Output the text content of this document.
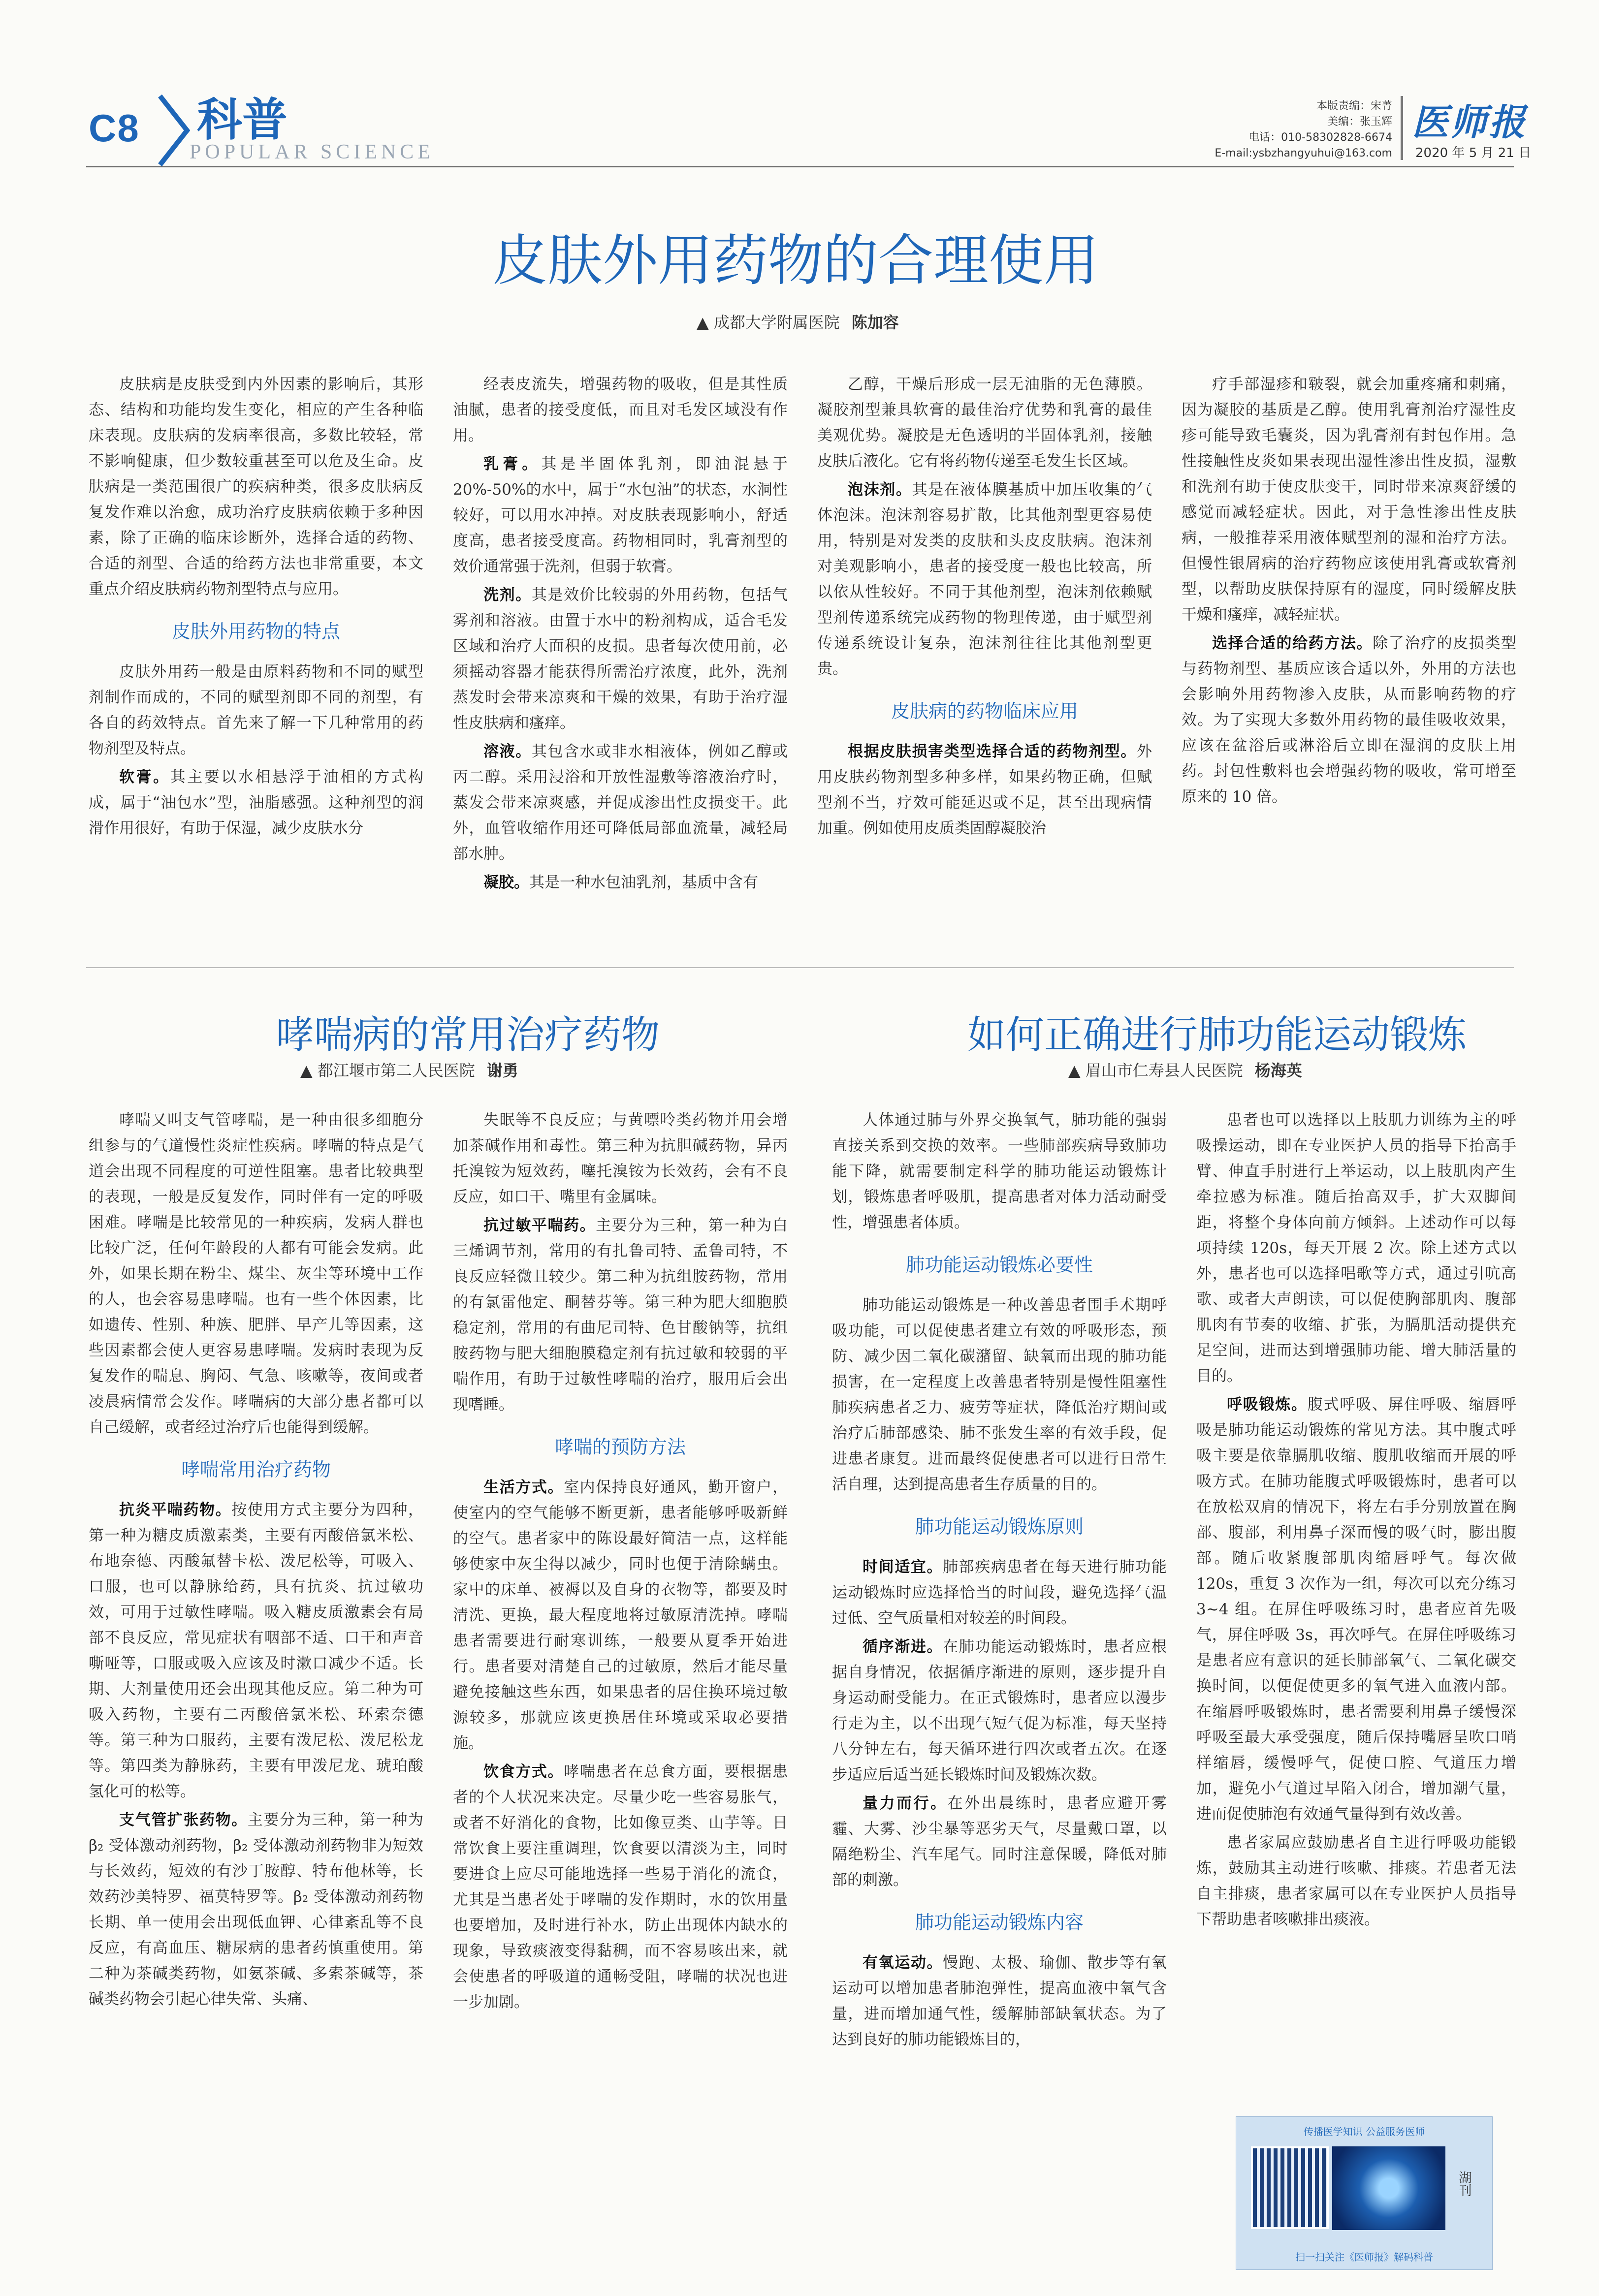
C8 科普
POPULAR SCIENCE
本版责编：宋菁
美编：张玉辉
电话：010-58302828-6674
E-mail:ysbzhangyuhui@163.com
医师报
2020 年 5 月 21 日
皮肤外用药物的合理使用
▲ 成都大学附属医院 陈加容

皮肤病是皮肤受到内外因素的影响后，其形态、结构和功能均发生变化，相应的产生各种临床表现。皮肤病的发病率很高，多数比较轻，常不影响健康，但少数较重甚至可以危及生命。皮肤病是一类范围很广的疾病种类，很多皮肤病反复发作难以治愈，成功治疗皮肤病依赖于多种因素，除了正确的临床诊断外，选择合适的药物、合适的剂型、合适的给药方法也非常重要，本文重点介绍皮肤病药物剂型特点与应用。

皮肤外用药物的特点

皮肤外用药一般是由原料药物和不同的赋型剂制作而成的，不同的赋型剂即不同的剂型，有各自的药效特点。首先来了解一下几种常用的药物剂型及特点。

软膏。其主要以水相悬浮于油相的方式构成，属于“油包水”型，油脂感强。这种剂型的润滑作用很好，有助于保湿，减少皮肤水分

经表皮流失，增强药物的吸收，但是其性质油腻，患者的接受度低，而且对毛发区域没有作用。

乳膏。其是半固体乳剂，即油混悬于20%-50%的水中，属于“水包油”的状态，水洞性较好，可以用水冲掉。对皮肤表现影响小，舒适度高，患者接受度高。药物相同时，乳膏剂型的效价通常强于洗剂，但弱于软膏。

洗剂。其是效价比较弱的外用药物，包括气雾剂和溶液。由置于水中的粉剂构成，适合毛发区域和治疗大面积的皮损。患者每次使用前，必须摇动容器才能获得所需治疗浓度，此外，洗剂蒸发时会带来凉爽和干燥的效果，有助于治疗湿性皮肤病和瘙痒。

溶液。其包含水或非水相液体，例如乙醇或丙二醇。采用浸浴和开放性湿敷等溶液治疗时，蒸发会带来凉爽感，并促成渗出性皮损变干。此外，血管收缩作用还可降低局部血流量，减轻局部水肿。

凝胶。其是一种水包油乳剂，基质中含有

乙醇，干燥后形成一层无油脂的无色薄膜。凝胶剂型兼具软膏的最佳治疗优势和乳膏的最佳美观优势。凝胶是无色透明的半固体乳剂，接触皮肤后液化。它有将药物传递至毛发生长区域。

泡沫剂。其是在液体膜基质中加压收集的气体泡沫。泡沫剂容易扩散，比其他剂型更容易使用，特别是对发类的皮肤和头皮皮肤病。泡沫剂对美观影响小，患者的接受度一般也比较高，所以依从性较好。不同于其他剂型，泡沫剂依赖赋型剂传递系统完成药物的物理传递，由于赋型剂传递系统设计复杂，泡沫剂往往比其他剂型更贵。

皮肤病的药物临床应用

根据皮肤损害类型选择合适的药物剂型。外用皮肤药物剂型多种多样，如果药物正确，但赋型剂不当，疗效可能延迟或不足，甚至出现病情加重。例如使用皮质类固醇凝胶治

疗手部湿疹和皲裂，就会加重疼痛和刺痛，因为凝胶的基质是乙醇。使用乳膏剂治疗湿性皮疹可能导致毛囊炎，因为乳膏剂有封包作用。急性接触性皮炎如果表现出湿性渗出性皮损，湿敷和洗剂有助于使皮肤变干，同时带来凉爽舒缓的感觉而减轻症状。因此，对于急性渗出性皮肤病，一般推荐采用液体赋型剂的湿和治疗方法。但慢性银屑病的治疗药物应该使用乳膏或软膏剂型，以帮助皮肤保持原有的湿度，同时缓解皮肤干燥和瘙痒，减轻症状。

选择合适的给药方法。除了治疗的皮损类型与药物剂型、基质应该合适以外，外用的方法也会影响外用药物渗入皮肤，从而影响药物的疗效。为了实现大多数外用药物的最佳吸收效果，应该在盆浴后或淋浴后立即在湿润的皮肤上用药。封包性敷料也会增强药物的吸收，常可增至原来的 10 倍。

哮喘病的常用治疗药物
▲ 都江堰市第二人民医院 谢勇

哮喘又叫支气管哮喘，是一种由很多细胞分组参与的气道慢性炎症性疾病。哮喘的特点是气道会出现不同程度的可逆性阻塞。患者比较典型的表现，一般是反复发作，同时伴有一定的呼吸困难。哮喘是比较常见的一种疾病，发病人群也比较广泛，任何年龄段的人都有可能会发病。此外，如果长期在粉尘、煤尘、灰尘等环境中工作的人，也会容易患哮喘。也有一些个体因素，比如遗传、性别、种族、肥胖、早产儿等因素，这些因素都会使人更容易患哮喘。发病时表现为反复发作的喘息、胸闷、气急、咳嗽等，夜间或者凌晨病情常会发作。哮喘病的大部分患者都可以自己缓解，或者经过治疗后也能得到缓解。

哮喘常用治疗药物

抗炎平喘药物。按使用方式主要分为四种，第一种为糖皮质激素类，主要有丙酸倍氯米松、布地奈德、丙酸氟替卡松、泼尼松等，可吸入、口服，也可以静脉给药，具有抗炎、抗过敏功效，可用于过敏性哮喘。吸入糖皮质激素会有局部不良反应，常见症状有咽部不适、口干和声音嘶哑等，口服或吸入应该及时漱口减少不适。长期、大剂量使用还会出现其他反应。第二种为可吸入药物，主要有二丙酸倍氯米松、环索奈德等。第三种为口服药，主要有泼尼松、泼尼松龙等。第四类为静脉药，主要有甲泼尼龙、琥珀酸氢化可的松等。

支气管扩张药物。主要分为三种，第一种为 β₂ 受体激动剂药物，β₂ 受体激动剂药物非为短效与长效药，短效的有沙丁胺醇、特布他林等，长效药沙美特罗、福莫特罗等。β₂ 受体激动剂药物长期、单一使用会出现低血钾、心律紊乱等不良反应，有高血压、糖尿病的患者药慎重使用。第二种为茶碱类药物，如氨茶碱、多索茶碱等，茶碱类药物会引起心律失常、头痛、

失眠等不良反应；与黄嘌呤类药物并用会增加茶碱作用和毒性。第三种为抗胆碱药物，异丙托溴铵为短效药，噻托溴铵为长效药，会有不良反应，如口干、嘴里有金属味。

抗过敏平喘药。主要分为三种，第一种为白三烯调节剂，常用的有扎鲁司特、孟鲁司特，不良反应轻微且较少。第二种为抗组胺药物，常用的有氯雷他定、酮替芬等。第三种为肥大细胞膜稳定剂，常用的有曲尼司特、色甘酸钠等，抗组胺药物与肥大细胞膜稳定剂有抗过敏和较弱的平喘作用，有助于过敏性哮喘的治疗，服用后会出现嗜睡。

哮喘的预防方法

生活方式。室内保持良好通风，勤开窗户，使室内的空气能够不断更新，患者能够呼吸新鲜的空气。患者家中的陈设最好简洁一点，这样能够使家中灰尘得以减少，同时也便于清除螨虫。家中的床单、被褥以及自身的衣物等，都要及时清洗、更换，最大程度地将过敏原清洗掉。哮喘患者需要进行耐寒训练，一般要从夏季开始进行。患者要对清楚自己的过敏原，然后才能尽量避免接触这些东西，如果患者的居住换环境过敏源较多，那就应该更换居住环境或采取必要措施。

饮食方式。哮喘患者在总食方面，要根据患者的个人状况来决定。尽量少吃一些容易胀气，或者不好消化的食物，比如像豆类、山芋等。日常饮食上要注重调理，饮食要以清淡为主，同时要进食上应尽可能地选择一些易于消化的流食，尤其是当患者处于哮喘的发作期时，水的饮用量也要增加，及时进行补水，防止出现体内缺水的现象，导致痰液变得黏稠，而不容易咳出来，就会使患者的呼吸道的通畅受阻，哮喘的状况也进一步加剧。

如何正确进行肺功能运动锻炼
▲ 眉山市仁寿县人民医院 杨海英

人体通过肺与外界交换氧气，肺功能的强弱直接关系到交换的效率。一些肺部疾病导致肺功能下降，就需要制定科学的肺功能运动锻炼计划，锻炼患者呼吸肌，提高患者对体力活动耐受性，增强患者体质。

肺功能运动锻炼必要性

肺功能运动锻炼是一种改善患者围手术期呼吸功能，可以促使患者建立有效的呼吸形态，预防、减少因二氧化碳潴留、缺氧而出现的肺功能损害，在一定程度上改善患者特别是慢性阻塞性肺疾病患者乏力、疲劳等症状，降低治疗期间或治疗后肺部感染、肺不张发生率的有效手段，促进患者康复。进而最终促使患者可以进行日常生活自理，达到提高患者生存质量的目的。

肺功能运动锻炼原则

时间适宜。肺部疾病患者在每天进行肺功能运动锻炼时应选择恰当的时间段，避免选择气温过低、空气质量相对较差的时间段。

循序渐进。在肺功能运动锻炼时，患者应根据自身情况，依据循序渐进的原则，逐步提升自身运动耐受能力。在正式锻炼时，患者应以漫步行走为主，以不出现气短气促为标准，每天坚持八分钟左右，每天循环进行四次或者五次。在逐步适应后适当延长锻炼时间及锻炼次数。

量力而行。在外出晨练时，患者应避开雾霾、大雾、沙尘暴等恶劣天气，尽量戴口罩，以隔绝粉尘、汽车尾气。同时注意保暖，降低对肺部的刺激。

肺功能运动锻炼内容

有氧运动。慢跑、太极、瑜伽、散步等有氧运动可以增加患者肺泡弹性，提高血液中氧气含量，进而增加通气性，缓解肺部缺氧状态。为了达到良好的肺功能锻炼目的，

患者也可以选择以上肢肌力训练为主的呼吸操运动，即在专业医护人员的指导下抬高手臂、伸直手肘进行上举运动，以上肢肌肉产生牵拉感为标准。随后抬高双手，扩大双脚间距，将整个身体向前方倾斜。上述动作可以每项持续 120s，每天开展 2 次。除上述方式以外，患者也可以选择唱歌等方式，通过引吭高歌、或者大声朗读，可以促使胸部肌肉、腹部肌肉有节奏的收缩、扩张，为膈肌活动提供充足空间，进而达到增强肺功能、增大肺活量的目的。

呼吸锻炼。腹式呼吸、屏住呼吸、缩唇呼吸是肺功能运动锻炼的常见方法。其中腹式呼吸主要是依靠膈肌收缩、腹肌收缩而开展的呼吸方式。在肺功能腹式呼吸锻炼时，患者可以在放松双肩的情况下，将左右手分别放置在胸部、腹部，利用鼻子深而慢的吸气时，膨出腹部。随后收紧腹部肌肉缩唇呼气。每次做 120s，重复 3 次作为一组，每次可以充分练习 3~4 组。在屏住呼吸练习时，患者应首先吸气，屏住呼吸 3s，再次呼气。在屏住呼吸练习是患者应有意识的延长肺部氧气、二氧化碳交换时间，以便促使更多的氧气进入血液内部。在缩唇呼吸锻炼时，患者需要利用鼻子缓慢深呼吸至最大承受强度，随后保持嘴唇呈吹口哨样缩唇，缓慢呼气，促使口腔、气道压力增加，避免小气道过早陷入闭合，增加潮气量，进而促使肺泡有效通气量得到有效改善。

患者家属应鼓励患者自主进行呼吸功能锻炼，鼓励其主动进行咳嗽、排痰。若患者无法自主排痰，患者家属可以在专业医护人员指导下帮助患者咳嗽排出痰液。

传播医学知识 公益服务医师
湖刊
扫一扫关注《医师报》解码科普
